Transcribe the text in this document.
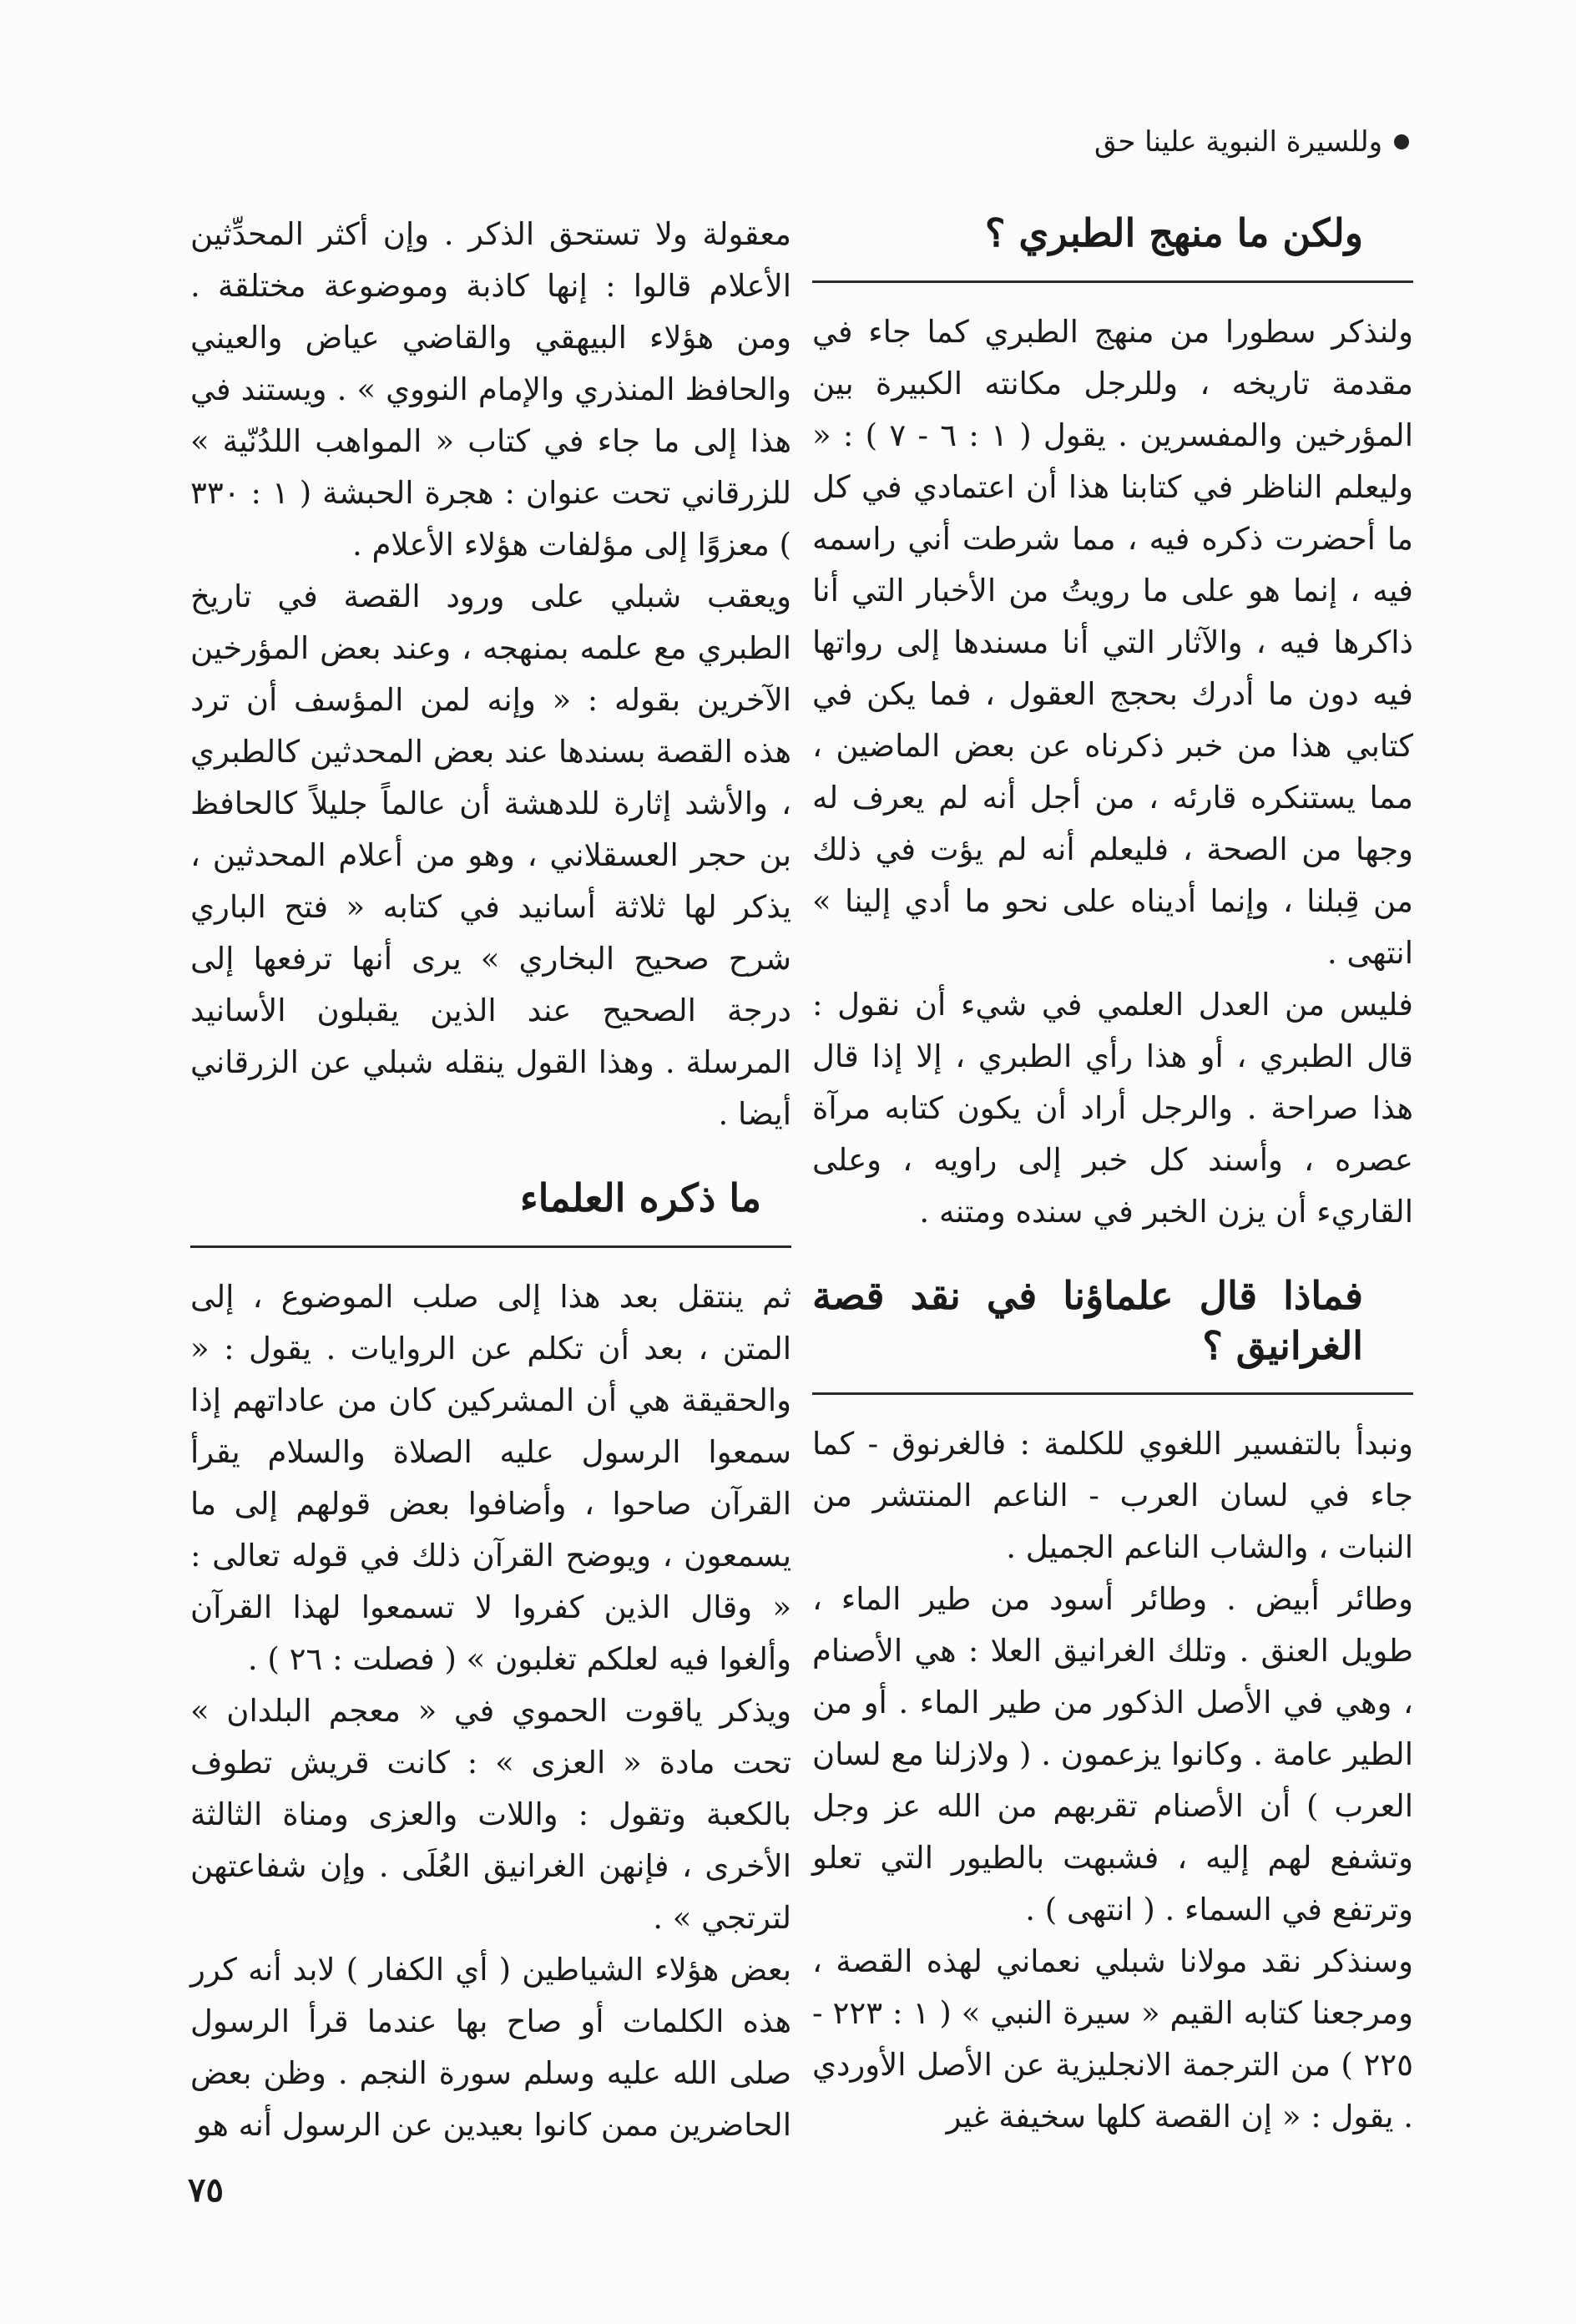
وللسيرة النبوية علينا حق
ولكن ما منهج الطبري ؟

ولنذكر سطورا من منهج الطبري كما جاء في مقدمة تاريخه ، وللرجل مكانته الكبيرة بين المؤرخين والمفسرين . يقول ( ١ : ٦ - ٧ ) : « وليعلم الناظر في كتابنا هذا أن اعتمادي في كل ما أحضرت ذكره فيه ، مما شرطت أني راسمه فيه ، إنما هو على ما رويتُ من الأخبار التي أنا ذاكرها فيه ، والآثار التي أنا مسندها إلى رواتها فيه دون ما أدرك بحجج العقول ، فما يكن في كتابي هذا من خبر ذكرناه عن بعض الماضين ، مما يستنكره قارئه ، من أجل أنه لم يعرف له وجها من الصحة ، فليعلم أنه لم يؤت في ذلك من قِبلنا ، وإنما أديناه على نحو ما أدي إلينا » انتهى .

فليس من العدل العلمي في شيء أن نقول : قال الطبري ، أو هذا رأي الطبري ، إلا إذا قال هذا صراحة . والرجل أراد أن يكون كتابه مرآة عصره ، وأسند كل خبر إلى راويه ، وعلى القاريء أن يزن الخبر في سنده ومتنه .

فماذا قال علماؤنا في نقد قصة الغرانيق ؟

ونبدأ بالتفسير اللغوي للكلمة : فالغرنوق - كما جاء في لسان العرب - الناعم المنتشر من النبات ، والشاب الناعم الجميل .

وطائر أبيض . وطائر أسود من طير الماء ، طويل العنق . وتلك الغرانيق العلا : هي الأصنام ، وهي في الأصل الذكور من طير الماء . أو من الطير عامة . وكانوا يزعمون . ( ولازلنا مع لسان العرب ) أن الأصنام تقربهم من الله عز وجل وتشفع لهم إليه ، فشبهت بالطيور التي تعلو وترتفع في السماء . ( انتهى ) .

وسنذكر نقد مولانا شبلي نعماني لهذه القصة ، ومرجعنا كتابه القيم « سيرة النبي » ( ١ : ٢٢٣ - ٢٢٥ ) من الترجمة الانجليزية عن الأصل الأوردي . يقول : « إن القصة كلها سخيفة غير

معقولة ولا تستحق الذكر . وإن أكثر المحدِّثين الأعلام قالوا : إنها كاذبة وموضوعة مختلقة . ومن هؤلاء البيهقي والقاضي عياض والعيني والحافظ المنذري والإمام النووي » . ويستند في هذا إلى ما جاء في كتاب « المواهب اللدُنّية » للزرقاني تحت عنوان : هجرة الحبشة ( ١ : ٣٣٠ ) معزوًا إلى مؤلفات هؤلاء الأعلام .

ويعقب شبلي على ورود القصة في تاريخ الطبري مع علمه بمنهجه ، وعند بعض المؤرخين الآخرين بقوله : « وإنه لمن المؤسف أن ترد هذه القصة بسندها عند بعض المحدثين كالطبري ، والأشد إثارة للدهشة أن عالماً جليلاً كالحافظ بن حجر العسقلاني ، وهو من أعلام المحدثين ، يذكر لها ثلاثة أسانيد في كتابه « فتح الباري شرح صحيح البخاري » يرى أنها ترفعها إلى درجة الصحيح عند الذين يقبلون الأسانيد المرسلة . وهذا القول ينقله شبلي عن الزرقاني أيضا .

ما ذكره العلماء

ثم ينتقل بعد هذا إلى صلب الموضوع ، إلى المتن ، بعد أن تكلم عن الروايات . يقول : « والحقيقة هي أن المشركين كان من عاداتهم إذا سمعوا الرسول عليه الصلاة والسلام يقرأ القرآن صاحوا ، وأضافوا بعض قولهم إلى ما يسمعون ، ويوضح القرآن ذلك في قوله تعالى : « وقال الذين كفروا لا تسمعوا لهذا القرآن وألغوا فيه لعلكم تغلبون » ( فصلت : ٢٦ ) .

ويذكر ياقوت الحموي في « معجم البلدان » تحت مادة « العزى » : كانت قريش تطوف بالكعبة وتقول : واللات والعزى ومناة الثالثة الأخرى ، فإنهن الغرانيق العُلَى . وإن شفاعتهن لترتجي » .

بعض هؤلاء الشياطين ( أي الكفار ) لابد أنه كرر هذه الكلمات أو صاح بها عندما قرأ الرسول صلى الله عليه وسلم سورة النجم . وظن بعض الحاضرين ممن كانوا بعيدين عن الرسول أنه هو

٧٥
